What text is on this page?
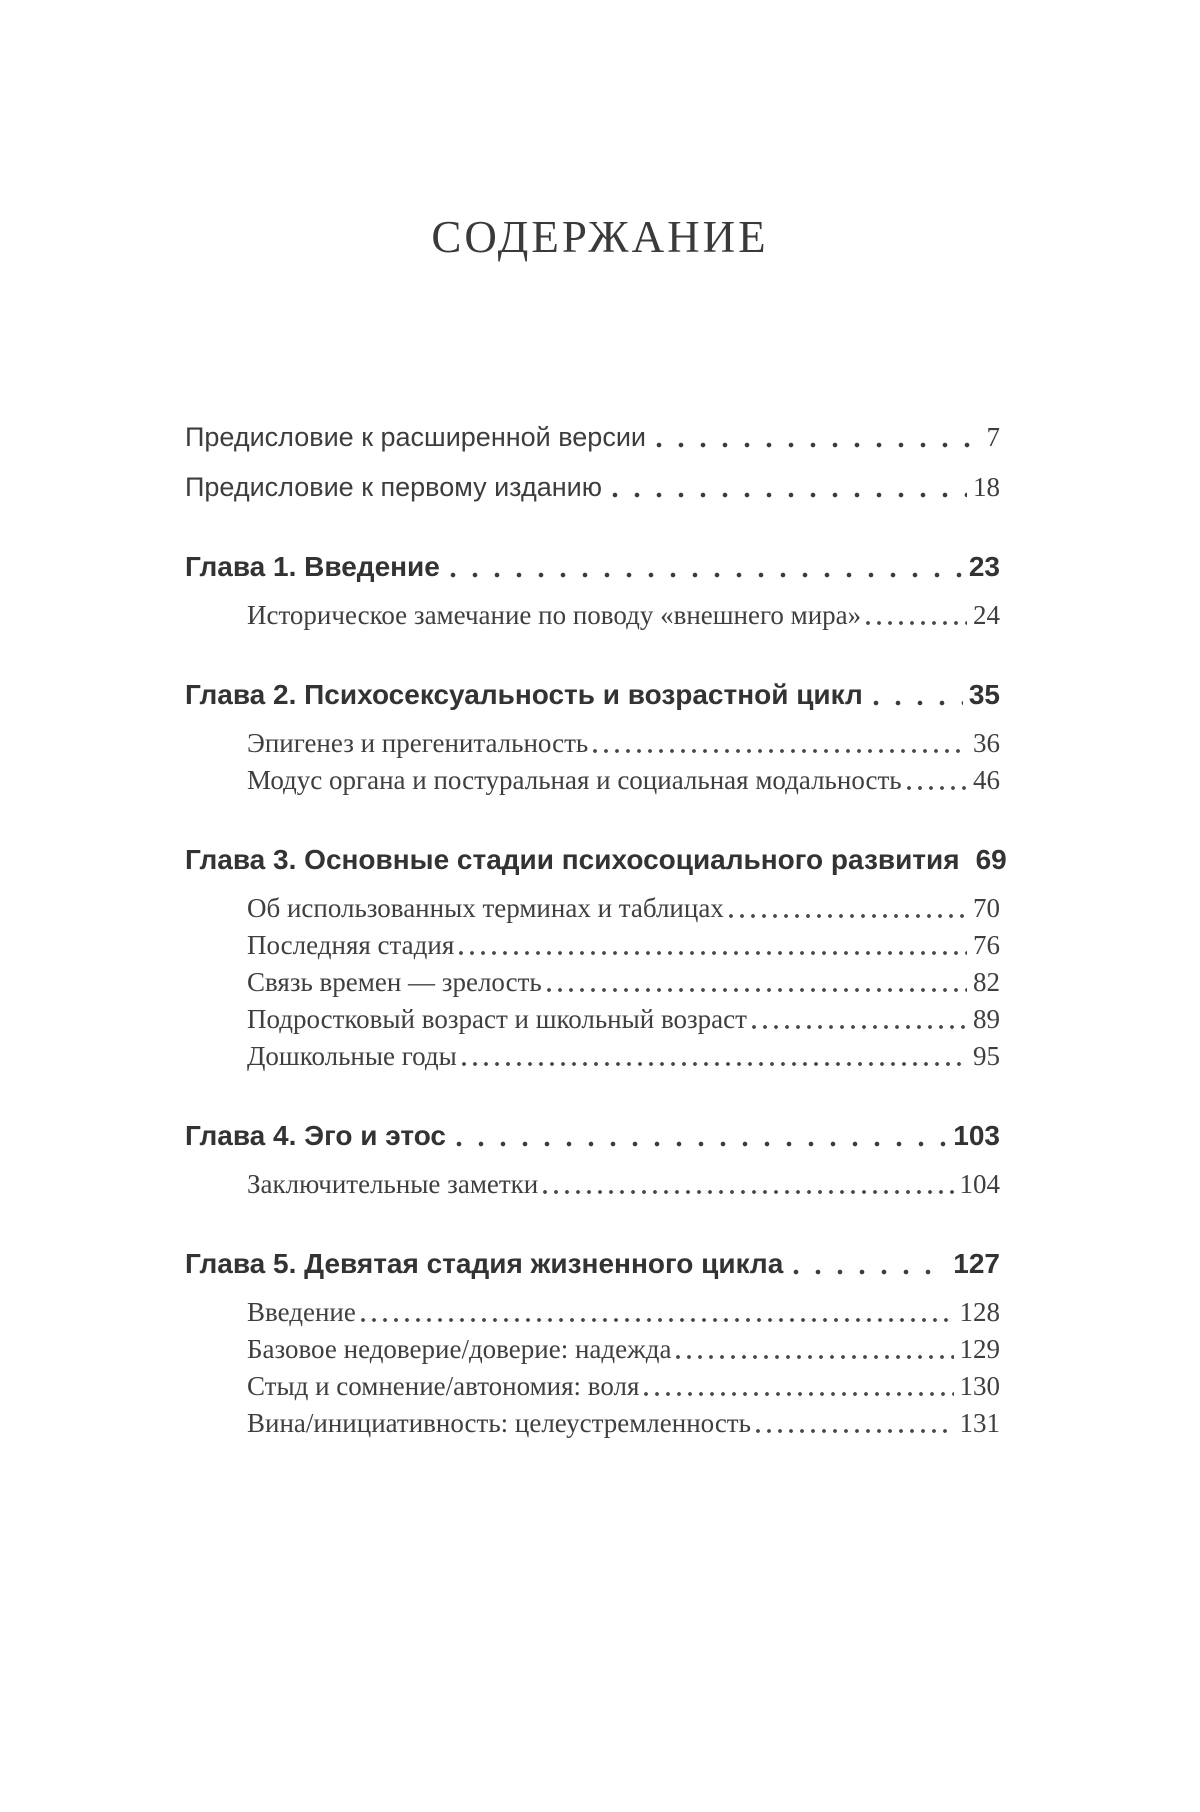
СОДЕРЖАНИЕ
Предисловие к расширенной версии	7
Предисловие к первому изданию	18
Глава 1. Введение	23
Историческое замечание по поводу «внешнего мира»	24
Глава 2. Психосексуальность и возрастной цикл	35
Эпигенез и прегенитальность	36
Модус органа и постуральная и социальная модальность	46
Глава 3. Основные стадии психосоциального развития 69
Об использованных терминах и таблицах	70
Последняя стадия	76
Связь времен — зрелость	82
Подростковый возраст и школьный возраст	89
Дошкольные годы	95
Глава 4. Эго и этос	103
Заключительные заметки	104
Глава 5. Девятая стадия жизненного цикла	127
Введение	128
Базовое недоверие/доверие: надежда	129
Стыд и сомнение/автономия: воля	130
Вина/инициативность: целеустремленность	131
